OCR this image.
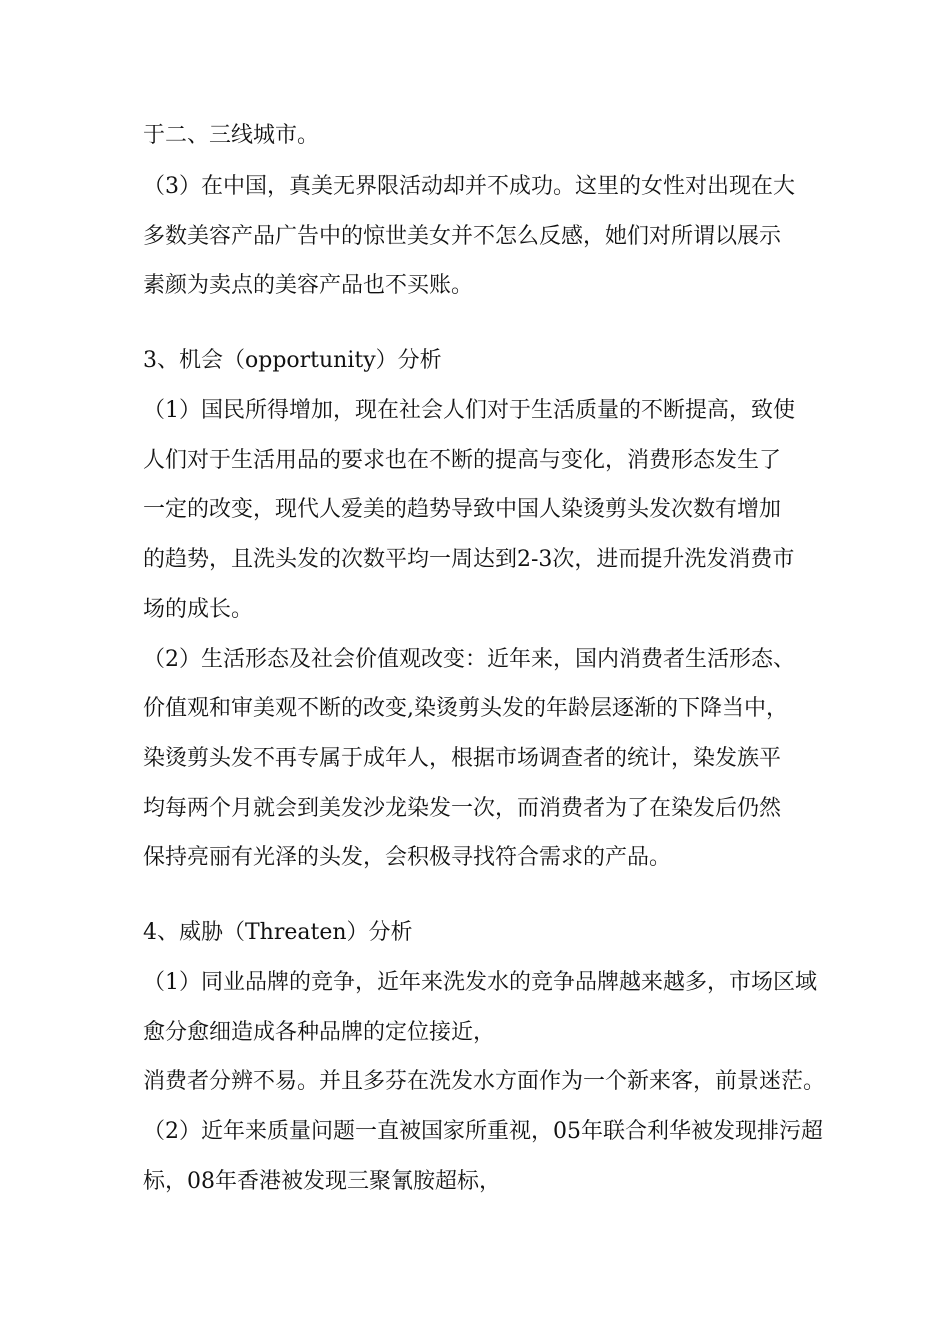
于二、三线城市。
（3）在中国，真美无界限活动却并不成功。这里的女性对出现在大
多数美容产品广告中的惊世美女并不怎么反感，她们对所谓以展示
素颜为卖点的美容产品也不买账。
3、机会（opportunity）分析
（1）国民所得增加，现在社会人们对于生活质量的不断提高，致使
人们对于生活用品的要求也在不断的提高与变化，消费形态发生了
一定的改变，现代人爱美的趋势导致中国人染烫剪头发次数有增加
的趋势，且洗头发的次数平均一周达到2-3次，进而提升洗发消费市
场的成长。
（2）生活形态及社会价值观改变：近年来，国内消费者生活形态、
价值观和审美观不断的改变,染烫剪头发的年龄层逐渐的下降当中，
染烫剪头发不再专属于成年人，根据市场调查者的统计，染发族平
均每两个月就会到美发沙龙染发一次，而消费者为了在染发后仍然
保持亮丽有光泽的头发，会积极寻找符合需求的产品。
4、威胁（Threaten）分析
（1）同业品牌的竞争，近年来洗发水的竞争品牌越来越多，市场区域
愈分愈细造成各种品牌的定位接近，
消费者分辨不易。并且多芬在洗发水方面作为一个新来客，前景迷茫。
（2）近年来质量问题一直被国家所重视，05年联合利华被发现排污超
标，08年香港被发现三聚氰胺超标，
